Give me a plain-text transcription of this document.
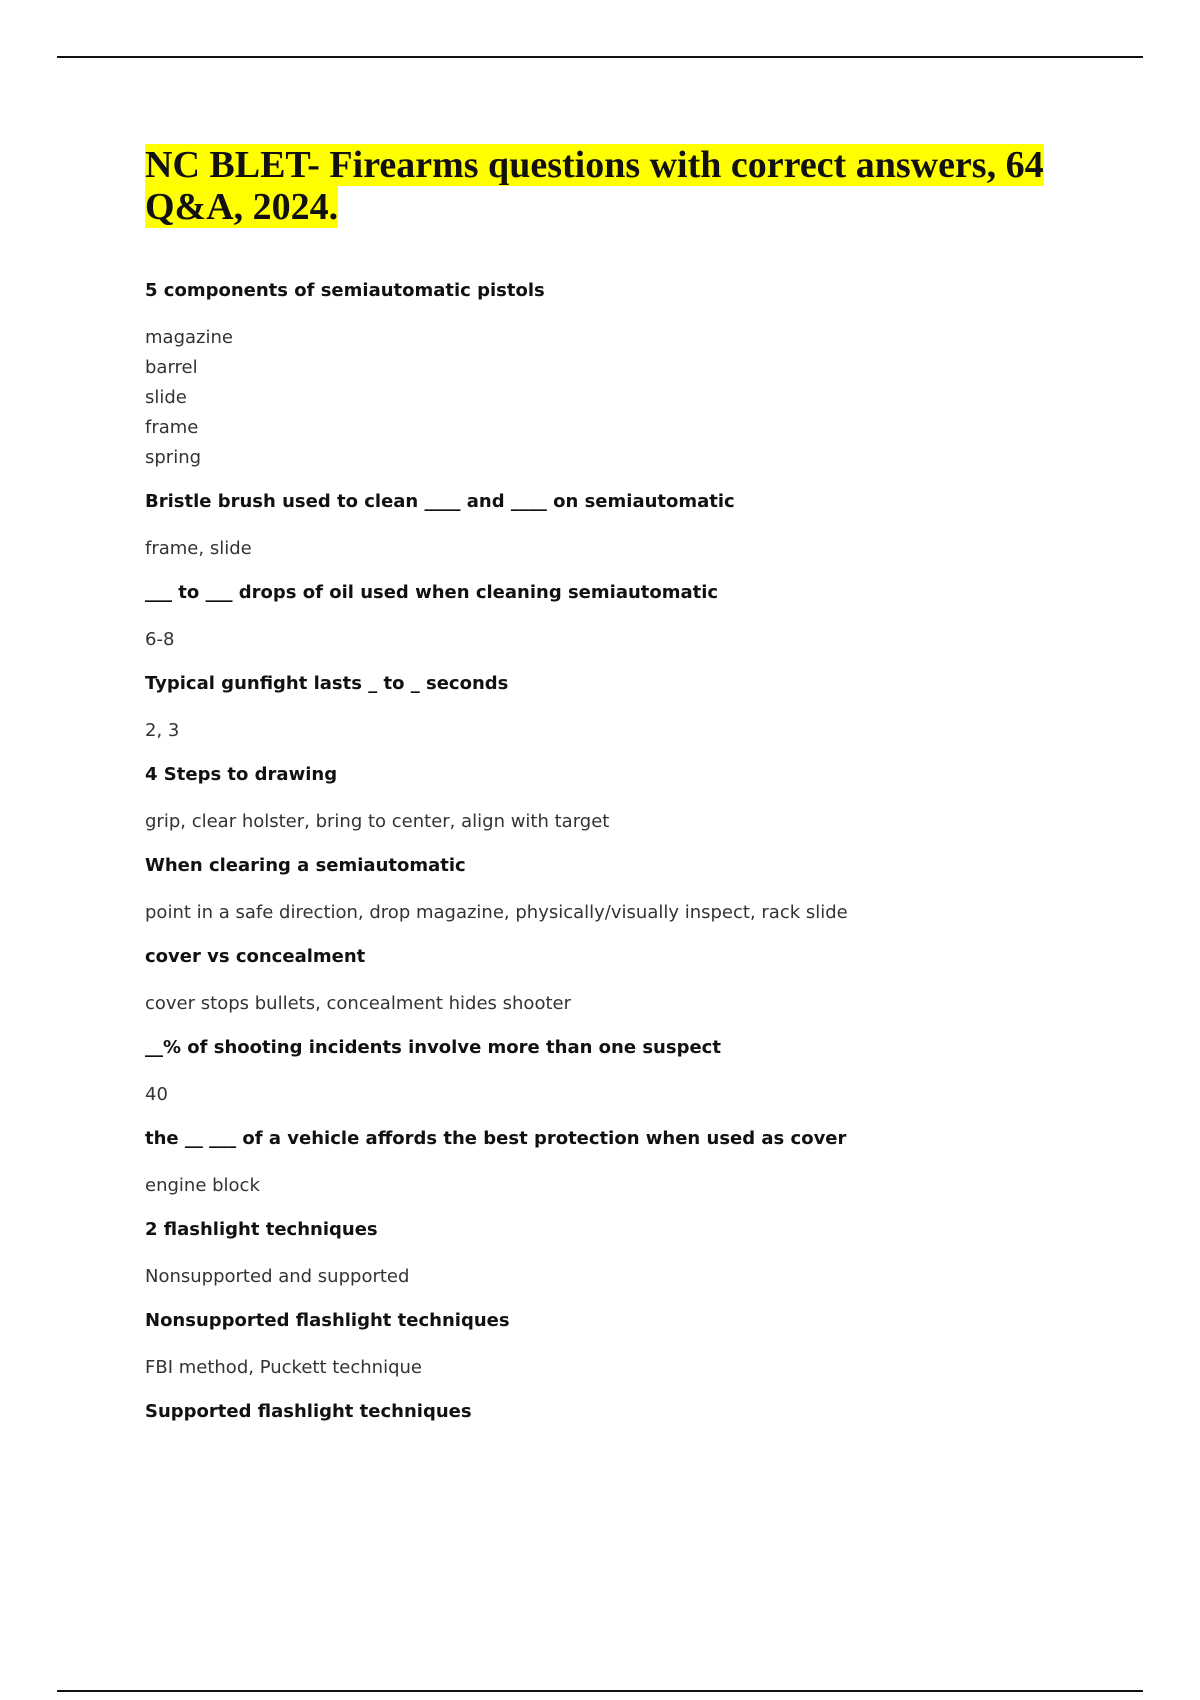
NC BLET- Firearms questions with correct answers, 64 Q&A, 2024.

5 components of semiautomatic pistols

magazine
barrel
slide
frame
spring

Bristle brush used to clean ____ and ____ on semiautomatic

frame, slide

___ to ___ drops of oil used when cleaning semiautomatic

6-8

Typical gunfight lasts _ to _ seconds

2, 3

4 Steps to drawing

grip, clear holster, bring to center, align with target

When clearing a semiautomatic

point in a safe direction, drop magazine, physically/visually inspect, rack slide

cover vs concealment

cover stops bullets, concealment hides shooter

__% of shooting incidents involve more than one suspect

40

the __ ___ of a vehicle affords the best protection when used as cover

engine block

2 flashlight techniques

Nonsupported and supported

Nonsupported flashlight techniques

FBI method, Puckett technique

Supported flashlight techniques
